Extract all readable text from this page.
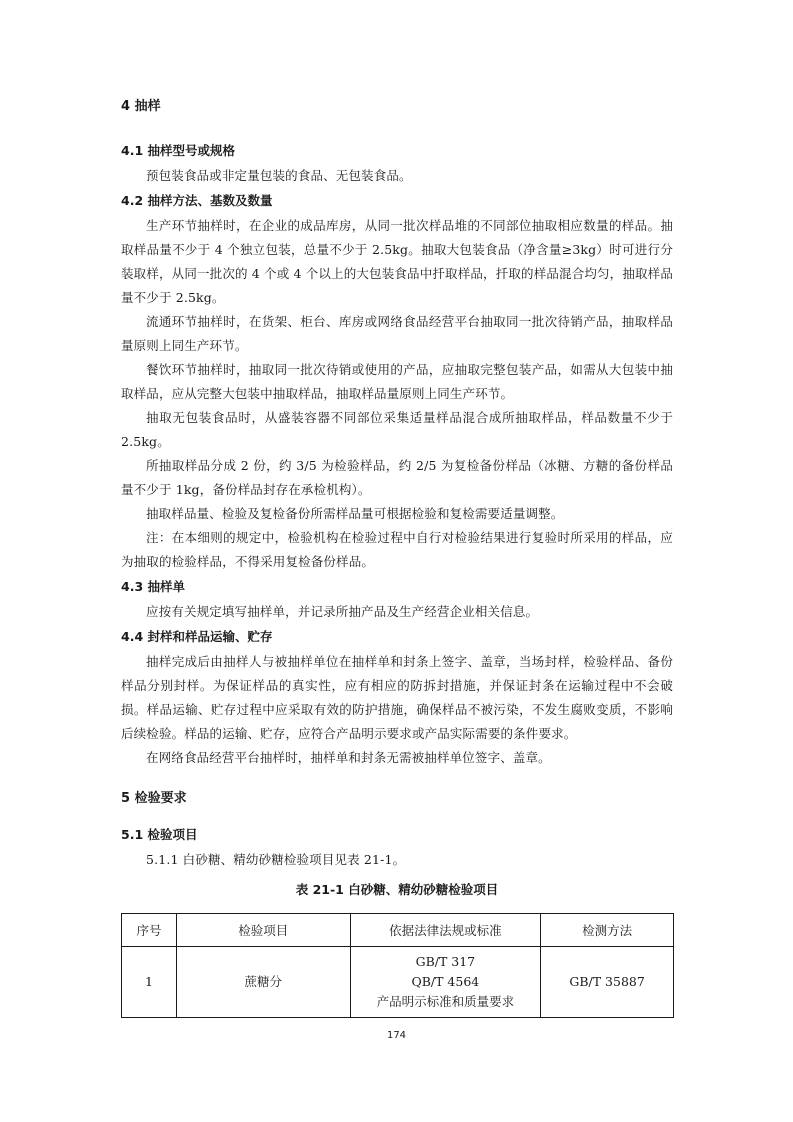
4 抽样
4.1 抽样型号或规格

预包装食品或非定量包装的食品、无包装食品。

4.2 抽样方法、基数及数量

生产环节抽样时，在企业的成品库房，从同一批次样品堆的不同部位抽取相应数量的样品。抽取样品量不少于 4 个独立包装，总量不少于 2.5kg。抽取大包装食品（净含量≥3kg）时可进行分装取样，从同一批次的 4 个或 4 个以上的大包装食品中扦取样品，扦取的样品混合均匀，抽取样品量不少于 2.5kg。

流通环节抽样时，在货架、柜台、库房或网络食品经营平台抽取同一批次待销产品，抽取样品量原则上同生产环节。

餐饮环节抽样时，抽取同一批次待销或使用的产品，应抽取完整包装产品，如需从大包装中抽取样品，应从完整大包装中抽取样品，抽取样品量原则上同生产环节。

抽取无包装食品时，从盛装容器不同部位采集适量样品混合成所抽取样品，样品数量不少于 2.5kg。

所抽取样品分成 2 份，约 3/5 为检验样品，约 2/5 为复检备份样品（冰糖、方糖的备份样品量不少于 1kg，备份样品封存在承检机构）。

抽取样品量、检验及复检备份所需样品量可根据检验和复检需要适量调整。

注：在本细则的规定中，检验机构在检验过程中自行对检验结果进行复验时所采用的样品，应为抽取的检验样品，不得采用复检备份样品。

4.3 抽样单

应按有关规定填写抽样单，并记录所抽产品及生产经营企业相关信息。

4.4 封样和样品运输、贮存

抽样完成后由抽样人与被抽样单位在抽样单和封条上签字、盖章，当场封样，检验样品、备份样品分别封样。为保证样品的真实性，应有相应的防拆封措施，并保证封条在运输过程中不会破损。样品运输、贮存过程中应采取有效的防护措施，确保样品不被污染，不发生腐败变质，不影响后续检验。样品的运输、贮存，应符合产品明示要求或产品实际需要的条件要求。

在网络食品经营平台抽样时，抽样单和封条无需被抽样单位签字、盖章。

5 检验要求
5.1 检验项目

5.1.1 白砂糖、精幼砂糖检验项目见表 21-1。

表 21-1 白砂糖、精幼砂糖检验项目
序号	检验项目	依据法律法规或标准	检测方法
1	蔗糖分	GB/T 317
QB/T 4564
产品明示标准和质量要求	GB/T 35887
174
